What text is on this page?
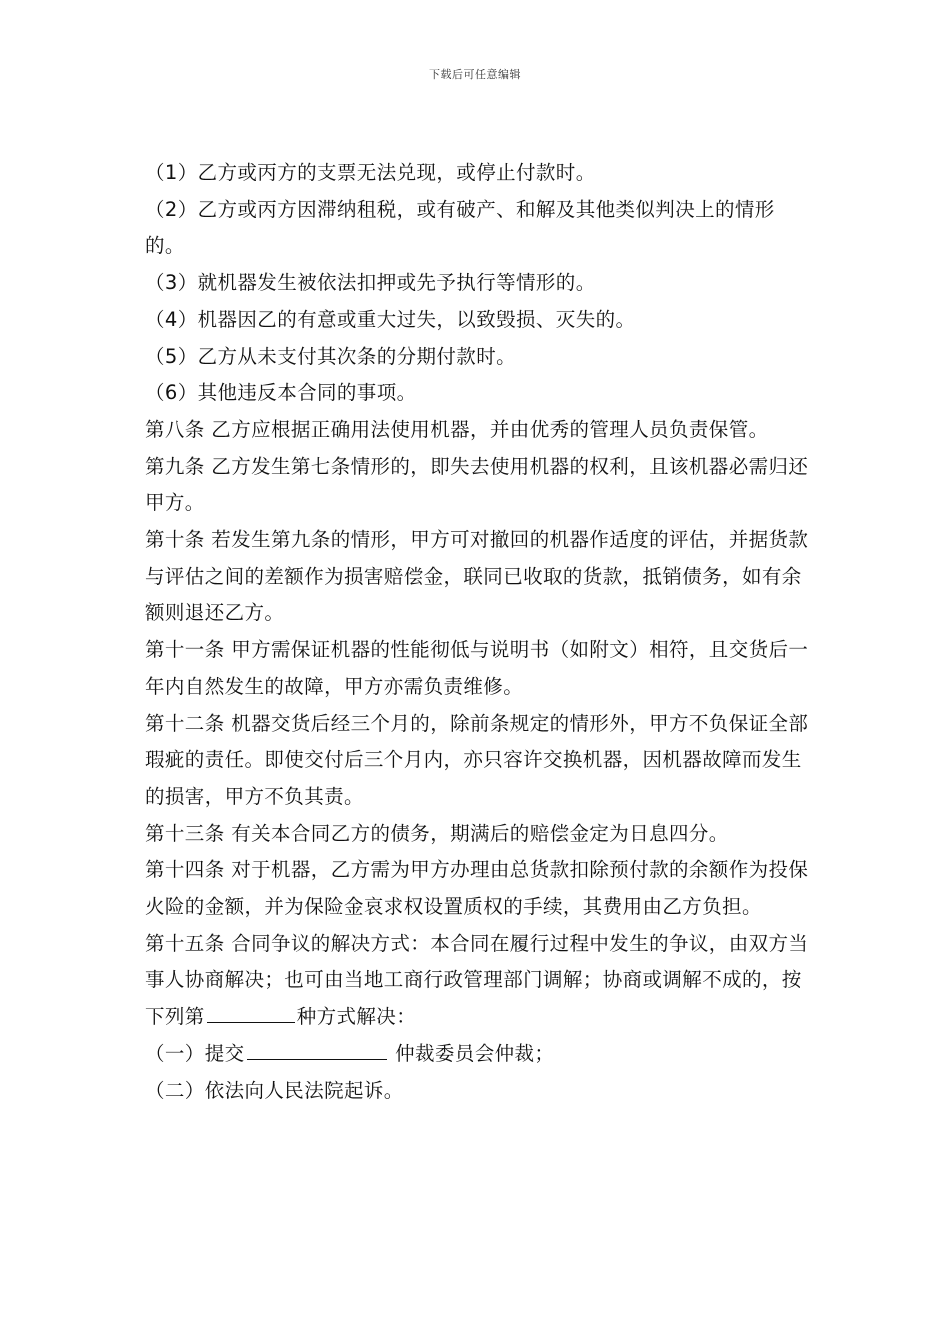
下载后可任意编辑

（1）乙方或丙方的支票无法兑现，或停止付款时。

（2）乙方或丙方因滞纳租税，或有破产、和解及其他类似判决上的情形的。

（3）就机器发生被依法扣押或先予执行等情形的。

（4）机器因乙的有意或重大过失，以致毁损、灭失的。

（5）乙方从未支付其次条的分期付款时。

（6）其他违反本合同的事项。

第八条 乙方应根据正确用法使用机器，并由优秀的管理人员负责保管。

第九条 乙方发生第七条情形的，即失去使用机器的权利，且该机器必需归还甲方。

第十条 若发生第九条的情形，甲方可对撤回的机器作适度的评估，并据货款与评估之间的差额作为损害赔偿金，联同已收取的货款，抵销债务，如有余额则退还乙方。

第十一条 甲方需保证机器的性能彻低与说明书（如附文）相符，且交货后一年内自然发生的故障，甲方亦需负责维修。

第十二条 机器交货后经三个月的，除前条规定的情形外，甲方不负保证全部瑕疵的责任。即使交付后三个月内，亦只容许交换机器，因机器故障而发生的损害，甲方不负其责。

第十三条 有关本合同乙方的债务，期满后的赔偿金定为日息四分。

第十四条 对于机器，乙方需为甲方办理由总货款扣除预付款的余额作为投保火险的金额，并为保险金哀求权设置质权的手续，其费用由乙方负担。

第十五条 合同争议的解决方式：本合同在履行过程中发生的争议，由双方当事人协商解决；也可由当地工商行政管理部门调解；协商或调解不成的，按下列第	种方式解决：

（一）提交	仲裁委员会仲裁；

（二）依法向人民法院起诉。
